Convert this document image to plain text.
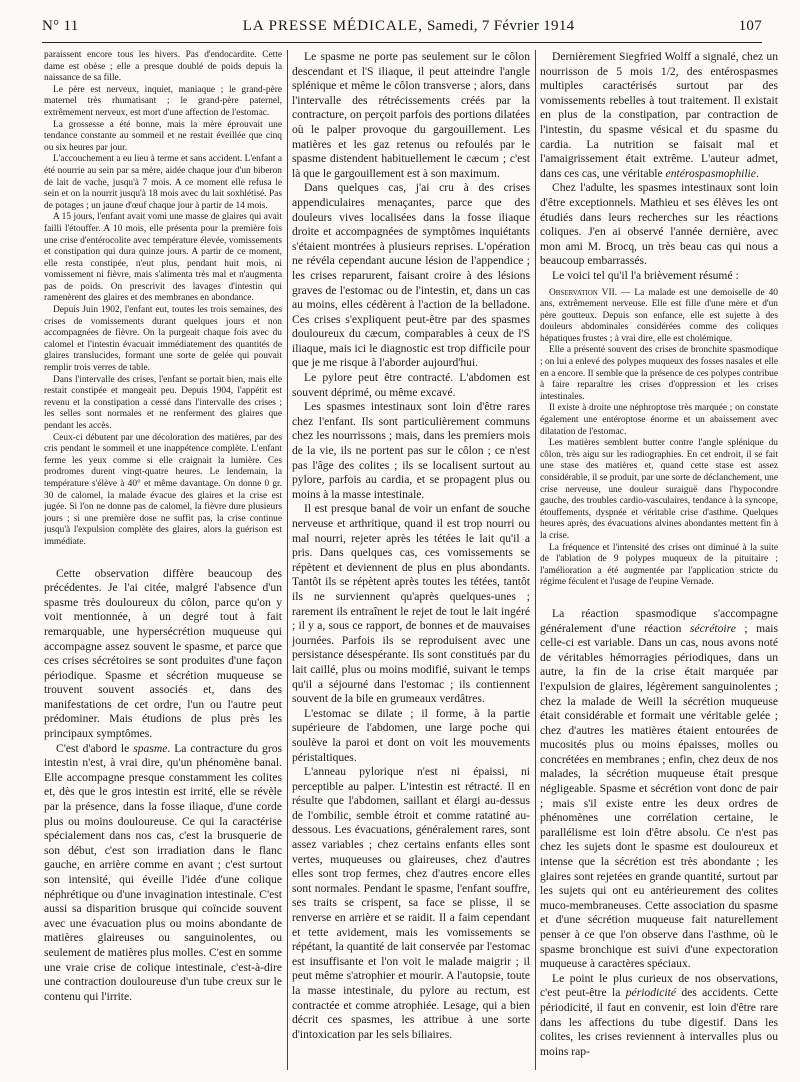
N° 11	LA PRESSE MÉDICALE, Samedi, 7 Février 1914	107

paraissent encore tous les hivers. Pas d'endocardite. Cette dame est obèse ; elle a presque doublé de poids depuis la naissance de sa fille.

Le père est nerveux, inquiet, maniaque ; le grand-père maternel très rhumatisant ; le grand-père paternel, extrêmement nerveux, est mort d'une affection de l'estomac.

La grossesse a été bonne, mais la mère éprouvait une tendance constante au sommeil et ne restait éveillée que cinq ou six heures par jour.

L'accouchement a eu lieu à terme et sans accident. L'enfant a été nourrie au sein par sa mère, aidée chaque jour d'un biberon de lait de vache, jusqu'à 7 mois. A ce moment elle refusa le sein et on la nourrit jusqu'à 18 mois avec du lait soxhlétisé. Pas de potages ; un jaune d'œuf chaque jour à partir de 14 mois.

A 15 jours, l'enfant avait vomi une masse de glaires qui avait failli l'étouffer. A 10 mois, elle présenta pour la première fois une crise d'entérocolite avec température élevée, vomissements et constipation qui dura quinze jours. A partir de ce moment, elle resta constipée, n'eut plus, pendant huit mois, ni vomissement ni fièvre, mais s'alimenta très mal et n'augmenta pas de poids. On prescrivit des lavages d'intestin qui ramenèrent des glaires et des membranes en abondance.

Depuis Juin 1902, l'enfant eut, toutes les trois semaines, des crises de vomissements durant quelques jours et non accompagnées de fièvre. On la purgeait chaque fois avec du calomel et l'intestin évacuait immédiatement des quantités de glaires translucides, formant une sorte de gelée qui pouvait remplir trois verres de table.

Dans l'intervalle des crises, l'enfant se portait bien, mais elle restait constipée et mangeait peu. Depuis 1904, l'appétit est revenu et la constipation a cessé dans l'intervalle des crises ; les selles sont normales et ne renferment des glaires que pendant les accès.

Ceux-ci débutent par une décoloration des matières, par des cris pendant le sommeil et une inappétence complète. L'enfant ferme les yeux comme si elle craignait la lumière. Ces prodromes durent vingt-quatre heures. Le lendemain, la température s'élève à 40° et même davantage. On donne 0 gr. 30 de calomel, la malade évacue des glaires et la crise est jugée. Si l'on ne donne pas de calomel, la fièvre dure plusieurs jours ; si une première dose ne suffit pas, la crise continue jusqu'à l'expulsion complète des glaires, alors la guérison est immédiate.

Cette observation diffère beaucoup des précédentes. Je l'ai citée, malgré l'absence d'un spasme très douloureux du côlon, parce qu'on y voit mentionnée, à un degré tout à fait remarquable, une hypersécrétion muqueuse qui accompagne assez souvent le spasme, et parce que ces crises sécrétoires se sont produites d'une façon périodique. Spasme et sécrétion muqueuse se trouvent souvent associés et, dans des manifestations de cet ordre, l'un ou l'autre peut prédominer. Mais étudions de plus près les principaux symptômes.

C'est d'abord le spasme. La contracture du gros intestin n'est, à vrai dire, qu'un phénomène banal. Elle accompagne presque constamment les colites et, dès que le gros intestin est irrité, elle se révèle par la présence, dans la fosse iliaque, d'une corde plus ou moins douloureuse. Ce qui la caractérise spécialement dans nos cas, c'est la brusquerie de son début, c'est son irradiation dans le flanc gauche, en arrière comme en avant ; c'est surtout son intensité, qui éveille l'idée d'une colique néphrétique ou d'une invagination intestinale. C'est aussi sa disparition brusque qui coïncide souvent avec une évacuation plus ou moins abondante de matières glaireuses ou sanguinolentes, ou seulement de matières plus molles. C'est en somme une vraie crise de colique intestinale, c'est-à-dire une contraction douloureuse d'un tube creux sur le contenu qui l'irrite.

Le spasme ne porte pas seulement sur le côlon descendant et l'S iliaque, il peut atteindre l'angle splénique et même le côlon transverse ; alors, dans l'intervalle des rétrécissements créés par la contracture, on perçoit parfois des portions dilatées où le palper provoque du gargouillement. Les matières et les gaz retenus ou refoulés par le spasme distendent habituellement le cæcum ; c'est là que le gargouillement est à son maximum.

Dans quelques cas, j'ai cru à des crises appendiculaires menaçantes, parce que des douleurs vives localisées dans la fosse iliaque droite et accompagnées de symptômes inquiétants s'étaient montrées à plusieurs reprises. L'opération ne révéla cependant aucune lésion de l'appendice ; les crises reparurent, faisant croire à des lésions graves de l'estomac ou de l'intestin, et, dans un cas au moins, elles cédèrent à l'action de la belladone. Ces crises s'expliquent peut-être par des spasmes douloureux du cæcum, comparables à ceux de l'S iliaque, mais ici le diagnostic est trop difficile pour que je me risque à l'aborder aujourd'hui.

Le pylore peut être contracté. L'abdomen est souvent déprimé, ou même excavé.

Les spasmes intestinaux sont loin d'être rares chez l'enfant. Ils sont particulièrement communs chez les nourrissons ; mais, dans les premiers mois de la vie, ils ne portent pas sur le côlon ; ce n'est pas l'âge des colites ; ils se localisent surtout au pylore, parfois au cardia, et se propagent plus ou moins à la masse intestinale.

Il est presque banal de voir un enfant de souche nerveuse et arthritique, quand il est trop nourri ou mal nourri, rejeter après les tétées le lait qu'il a pris. Dans quelques cas, ces vomissements se répètent et deviennent de plus en plus abondants. Tantôt ils se répètent après toutes les tétées, tantôt ils ne surviennent qu'après quelques-unes ; rarement ils entraînent le rejet de tout le lait ingéré ; il y a, sous ce rapport, de bonnes et de mauvaises journées. Parfois ils se reproduisent avec une persistance désespérante. Ils sont constitués par du lait caillé, plus ou moins modifié, suivant le temps qu'il a séjourné dans l'estomac ; ils contiennent souvent de la bile en grumeaux verdâtres.

L'estomac se dilate ; il forme, à la partie supérieure de l'abdomen, une large poche qui soulève la paroi et dont on voit les mouvements péristaltiques.

L'anneau pylorique n'est ni épaissi, ni perceptible au palper. L'intestin est rétracté. Il en résulte que l'abdomen, saillant et élargi au-dessus de l'ombilic, semble étroit et comme ratatiné au-dessous. Les évacuations, généralement rares, sont assez variables ; chez certains enfants elles sont vertes, muqueuses ou glaireuses, chez d'autres elles sont trop fermes, chez d'autres encore elles sont normales. Pendant le spasme, l'enfant souffre, ses traits se crispent, sa face se plisse, il se renverse en arrière et se raidit. Il a faim cependant et tette avidement, mais les vomissements se répétant, la quantité de lait conservée par l'estomac est insuffisante et l'on voit le malade maigrir ; il peut même s'atrophier et mourir. A l'autopsie, toute la masse intestinale, du pylore au rectum, est contractée et comme atrophiée. Lesage, qui a bien décrit ces spasmes, les attribue à une sorte d'intoxication par les sels biliaires.

Dernièrement Siegfried Wolff a signalé, chez un nourrisson de 5 mois 1/2, des entérospasmes multiples caractérisés surtout par des vomissements rebelles à tout traitement. Il existait en plus de la constipation, par contraction de l'intestin, du spasme vésical et du spasme du cardia. La nutrition se faisait mal et l'amaigrissement était extrême. L'auteur admet, dans ces cas, une véritable entérospasmophilie.

Chez l'adulte, les spasmes intestinaux sont loin d'être exceptionnels. Mathieu et ses élèves les ont étudiés dans leurs recherches sur les réactions coliques. J'en ai observé l'année dernière, avec mon ami M. Brocq, un très beau cas qui nous a beaucoup embarrassés.

Le voici tel qu'il l'a brièvement résumé :

Observation VII. — La malade est une demoiselle de 40 ans, extrêmement nerveuse. Elle est fille d'une mère et d'un père goutteux. Depuis son enfance, elle est sujette à des douleurs abdominales considérées comme des coliques hépatiques frustes ; à vrai dire, elle est cholémique.

Elle a présenté souvent des crises de bronchite spasmodique ; on lui a enlevé des polypes muqueux des fosses nasales et elle en a encore. Il semble que la présence de ces polypes contribue à faire reparaître les crises d'oppression et les crises intestinales.

Il existe à droite une néphroptose très marquée ; on constate également une entéroptose énorme et un abaissement avec dilatation de l'estomac.

Les matières semblent butter contre l'angle splénique du côlon, très aigu sur les radiographies. En cet endroit, il se fait une stase des matières et, quand cette stase est assez considérable, il se produit, par une sorte de déclanchement, une crise nerveuse, une douleur suraiguë dans l'hypocondre gauche, des troubles cardio-vasculaires, tendance à la syncope, étouffements, dyspnée et véritable crise d'asthme. Quelques heures après, des évacuations alvines abondantes mettent fin à la crise.

La fréquence et l'intensité des crises ont diminué à la suite de l'ablation de 9 polypes muqueux de la pituitaire ; l'amélioration a été augmentée par l'application stricte du régime féculent et l'usage de l'eupine Vernade.

La réaction spasmodique s'accompagne généralement d'une réaction sécrétoire ; mais celle-ci est variable. Dans un cas, nous avons noté de véritables hémorragies périodiques, dans un autre, la fin de la crise était marquée par l'expulsion de glaires, légèrement sanguinolentes ; chez la malade de Weill la sécrétion muqueuse était considérable et formait une véritable gelée ; chez d'autres les matières étaient entourées de mucosités plus ou moins épaisses, molles ou concrétées en membranes ; enfin, chez deux de nos malades, la sécrétion muqueuse était presque négligeable. Spasme et sécrétion vont donc de pair ; mais s'il existe entre les deux ordres de phénomènes une corrélation certaine, le parallélisme est loin d'être absolu. Ce n'est pas chez les sujets dont le spasme est douloureux et intense que la sécrétion est très abondante ; les glaires sont rejetées en grande quantité, surtout par les sujets qui ont eu antérieurement des colites muco-membraneuses. Cette association du spasme et d'une sécrétion muqueuse fait naturellement penser à ce que l'on observe dans l'asthme, où le spasme bronchique est suivi d'une expectoration muqueuse à caractères spéciaux.

Le point le plus curieux de nos observations, c'est peut-être la périodicité des accidents. Cette périodicité, il faut en convenir, est loin d'être rare dans les affections du tube digestif. Dans les colites, les crises reviennent à intervalles plus ou moins rap-
